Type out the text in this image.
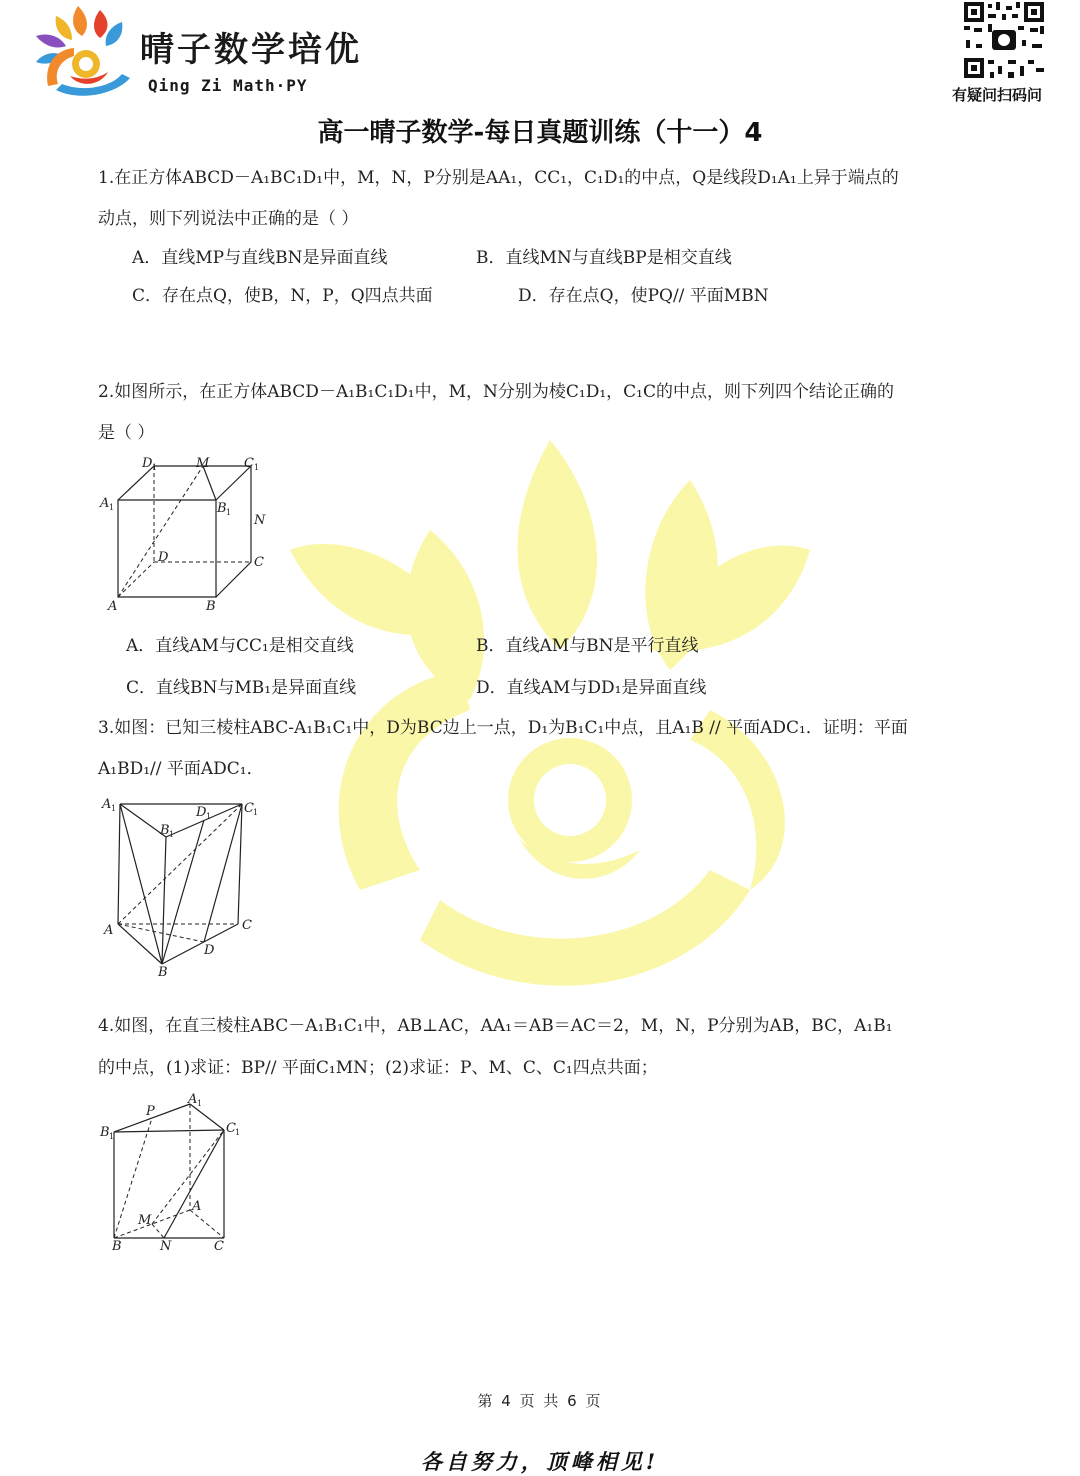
晴子数学培优
Qing Zi Math·PY	有疑问扫码问
高一晴子数学-每日真题训练（十一）4
1.在正方体ABCD－A₁BC₁D₁中，M，N，P分别是AA₁，CC₁，C₁D₁的中点，Q是线段D₁A₁上异于端点的
动点，则下列说法中正确的是（ ）
A．直线MP与直线BN是异面直线	B．直线MN与直线BP是相交直线
C．存在点Q，使B，N，P，Q四点共面	D．存在点Q，使PQ// 平面MBN
2.如图所示，在正方体ABCD－A₁B₁C₁D₁中，M，N分别为棱C₁D₁，C₁C的中点，则下列四个结论正确的
是（ ）
D 1	M	C 1
A 1	B 1
N
D	C
A	B
A．直线AM与CC₁是相交直线	B．直线AM与BN是平行直线
C．直线BN与MB₁是异面直线	D．直线AM与DD₁是异面直线
3.如图：已知三棱柱ABC-A₁B₁C₁中，D为BC边上一点，D₁为B₁C₁中点，且A₁B // 平面ADC₁．证明：平面
A₁BD₁// 平面ADC₁．
A 1	D 1
C 1
B 1
A	C
D
B
4.如图，在直三棱柱ABC－A₁B₁C₁中，AB⊥AC，AA₁＝AB＝AC＝2，M，N，P分别为AB，BC，A₁B₁
的中点，(1)求证：BP// 平面C₁MN；(2)求证：P、M、C、C₁四点共面；
P
A 1
B 1
C 1
M
A
B	N	C
第 4 页 共 6 页
各自努力，顶峰相见!
